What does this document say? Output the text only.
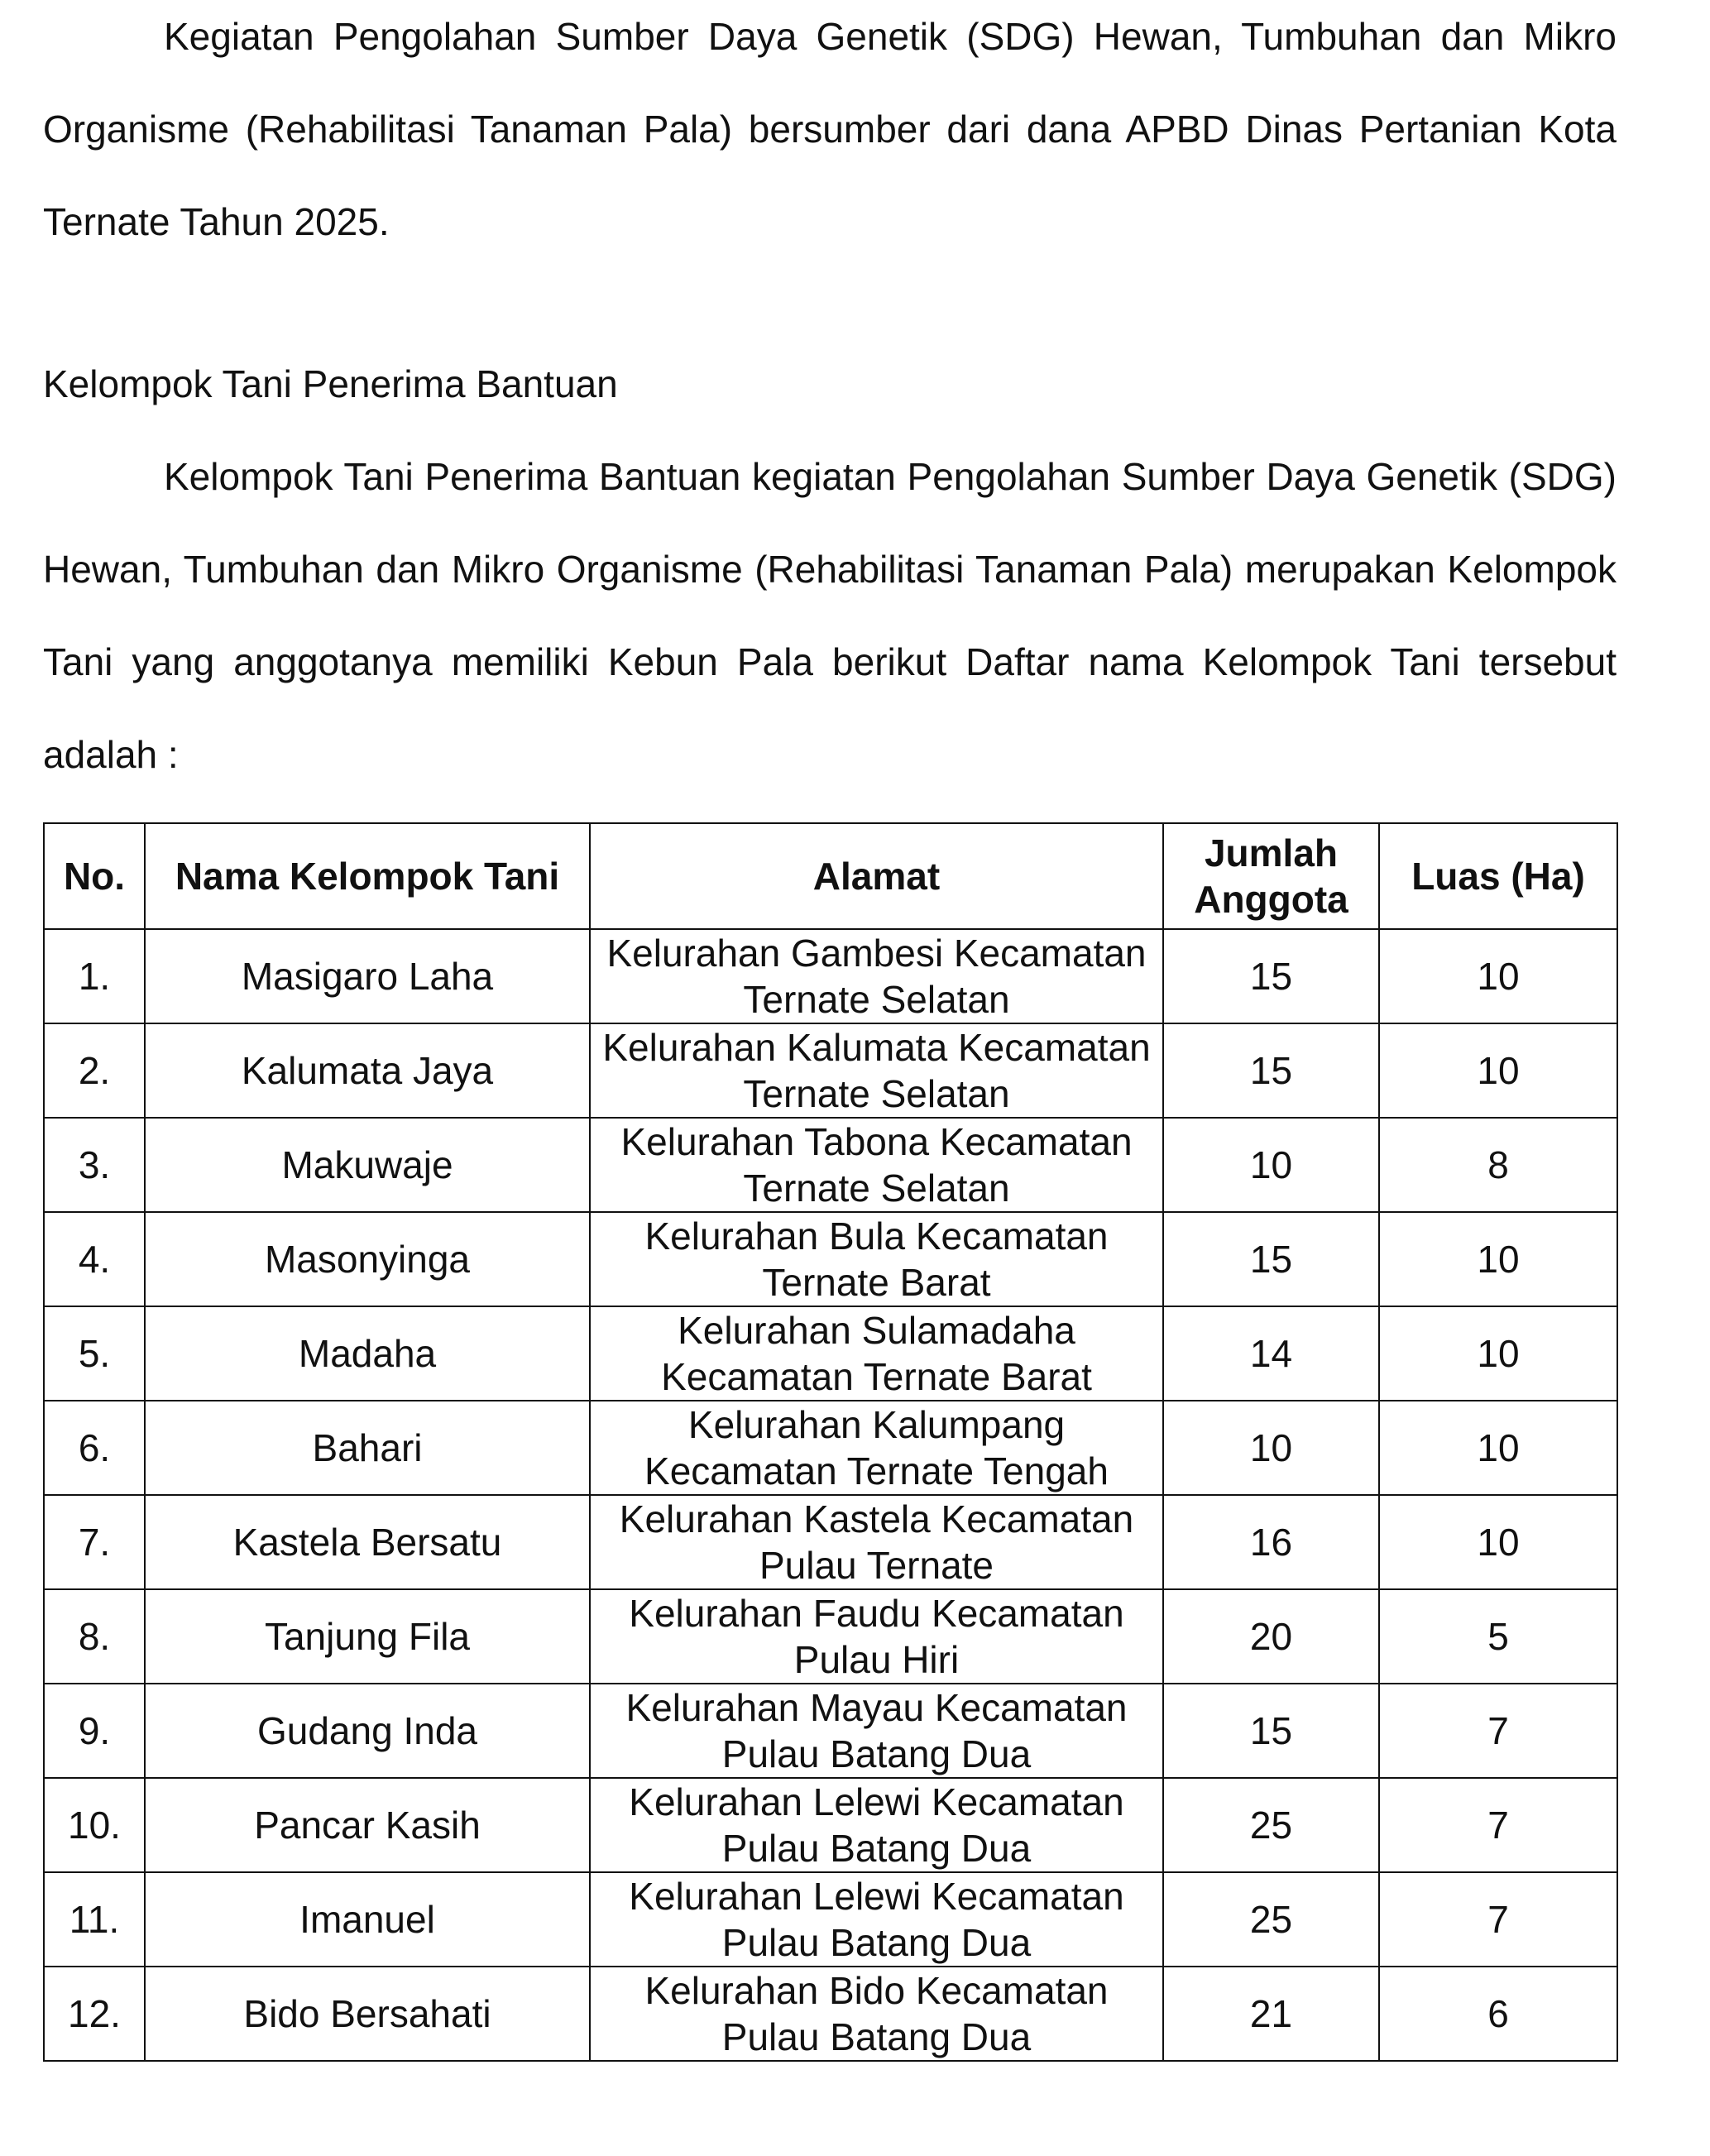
Kegiatan Pengolahan Sumber Daya Genetik (SDG) Hewan, Tumbuhan dan Mikro Organisme (Rehabilitasi Tanaman Pala) bersumber dari dana APBD Dinas Pertanian Kota Ternate Tahun 2025.

Kelompok Tani Penerima Bantuan

Kelompok Tani Penerima Bantuan kegiatan Pengolahan Sumber Daya Genetik (SDG) Hewan, Tumbuhan dan Mikro Organisme (Rehabilitasi Tanaman Pala) merupakan Kelompok Tani yang anggotanya memiliki Kebun Pala berikut Daftar nama Kelompok Tani tersebut adalah :

No.	Nama Kelompok Tani	Alamat	Jumlah Anggota	Luas (Ha)
1.	Masigaro Laha	Kelurahan Gambesi Kecamatan Ternate Selatan	15	10
2.	Kalumata Jaya	Kelurahan Kalumata Kecamatan Ternate Selatan	15	10
3.	Makuwaje	Kelurahan Tabona Kecamatan Ternate Selatan	10	8
4.	Masonyinga	Kelurahan Bula Kecamatan Ternate Barat	15	10
5.	Madaha	Kelurahan Sulamadaha Kecamatan Ternate Barat	14	10
6.	Bahari	Kelurahan Kalumpang Kecamatan Ternate Tengah	10	10
7.	Kastela Bersatu	Kelurahan Kastela Kecamatan Pulau Ternate	16	10
8.	Tanjung Fila	Kelurahan Faudu Kecamatan Pulau Hiri	20	5
9.	Gudang Inda	Kelurahan Mayau Kecamatan Pulau Batang Dua	15	7
10.	Pancar Kasih	Kelurahan Lelewi Kecamatan Pulau Batang Dua	25	7
11.	Imanuel	Kelurahan Lelewi Kecamatan Pulau Batang Dua	25	7
12.	Bido Bersahati	Kelurahan Bido Kecamatan Pulau Batang Dua	21	6
